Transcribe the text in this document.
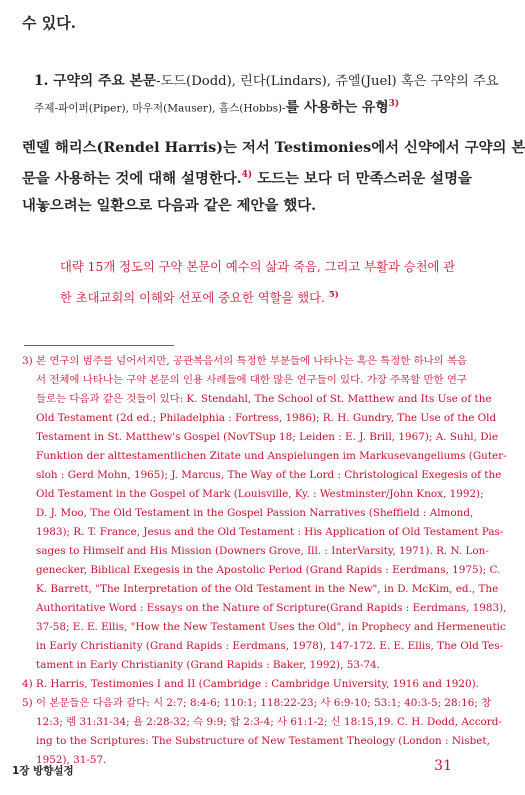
수 있다.
1. 구약의 주요 본문-도드(Dodd), 린다(Lindars), 쥬엘(Juel) 혹은 구약의 주요
주제-파이퍼(Piper), 마우저(Mauser), 홉스(Hobbs)-를 사용하는 유형$^{3)}$
렌델 해리스(Rendel Harris)는 저서 Testimonies에서 신약에서 구약의 본
문을 사용하는 것에 대해 설명한다.$^{4)}$ 도드는 보다 더 만족스러운 설명을
내놓으려는 일환으로 다음과 같은 제안을 했다.
대략 15개 정도의 구약 본문이 예수의 삶과 죽음, 그리고 부활과 승천에 관
한 초대교회의 이해와 선포에 중요한 역할을 했다. $^{5)}$
3) 본 연구의 범주를 넘어서지만, 공관복음서의 특정한 부분들에 나타나는 혹은 특정한 하나의 복음
서 전체에 나타나는 구약 본문의 인용 사례들에 대한 많은 연구들이 있다. 가장 주목할 만한 연구
들로는 다음과 같은 것들이 있다: K. Stendahl, The School of St. Matthew and Its Use of the
Old Testament (2d ed.; Philadelphia : Fortress, 1986); R. H. Gundry, The Use of the Old
Testament in St. Matthew's Gospel (NovTSup 18; Leiden : E. J. Brill, 1967); A. Suhl, Die
Funktion der alttestamentlichen Zitate und Anspielungen im Markusevangeliums (Guter-
sloh : Gerd Mohn, 1965); J. Marcus, The Way of the Lord : Christological Exegesis of the
Old Testament in the Gospel of Mark (Louisville, Ky. : Westminster/John Knox, 1992);
D. J. Moo, The Old Testament in the Gospel Passion Narratives (Sheffield : Almond,
1983); R. T. France, Jesus and the Old Testament : His Application of Old Testament Pas-
sages to Himself and His Mission (Downers Grove, Ill. : InterVarsity, 1971). R. N. Lon-
genecker, Biblical Exegesis in the Apostolic Period (Grand Rapids : Eerdmans, 1975); C.
K. Barrett, "The Interpretation of the Old Testament in the New", in D. McKim, ed., The
Authoritative Word : Essays on the Nature of Scripture(Grand Rapids : Eerdmans, 1983),
37-58; E. E. Ellis, "How the New Testament Uses the Old", in Prophecy and Hermeneutic
in Early Christianity (Grand Rapids : Eerdmans, 1978), 147-172. E. E. Ellis, The Old Tes-
tament in Early Christianity (Grand Rapids : Baker, 1992), 53-74.
4) R. Harris, Testimonies I and II (Cambridge : Cambridge University, 1916 and 1920).
5) 이 본문들은 다음과 같다: 시 2:7; 8:4-6; 110:1; 118:22-23; 사 6:9-10; 53:1; 40:3-5; 28:16; 창
12:3; 렘 31:31-34; 욜 2:28-32; 슥 9:9; 합 2:3-4; 사 61:1-2; 신 18:15,19. C. H. Dodd, Accord-
ing to the Scriptures: The Substructure of New Testament Theology (London : Nisbet,
1952), 31-57.
1장 방향설정	31
